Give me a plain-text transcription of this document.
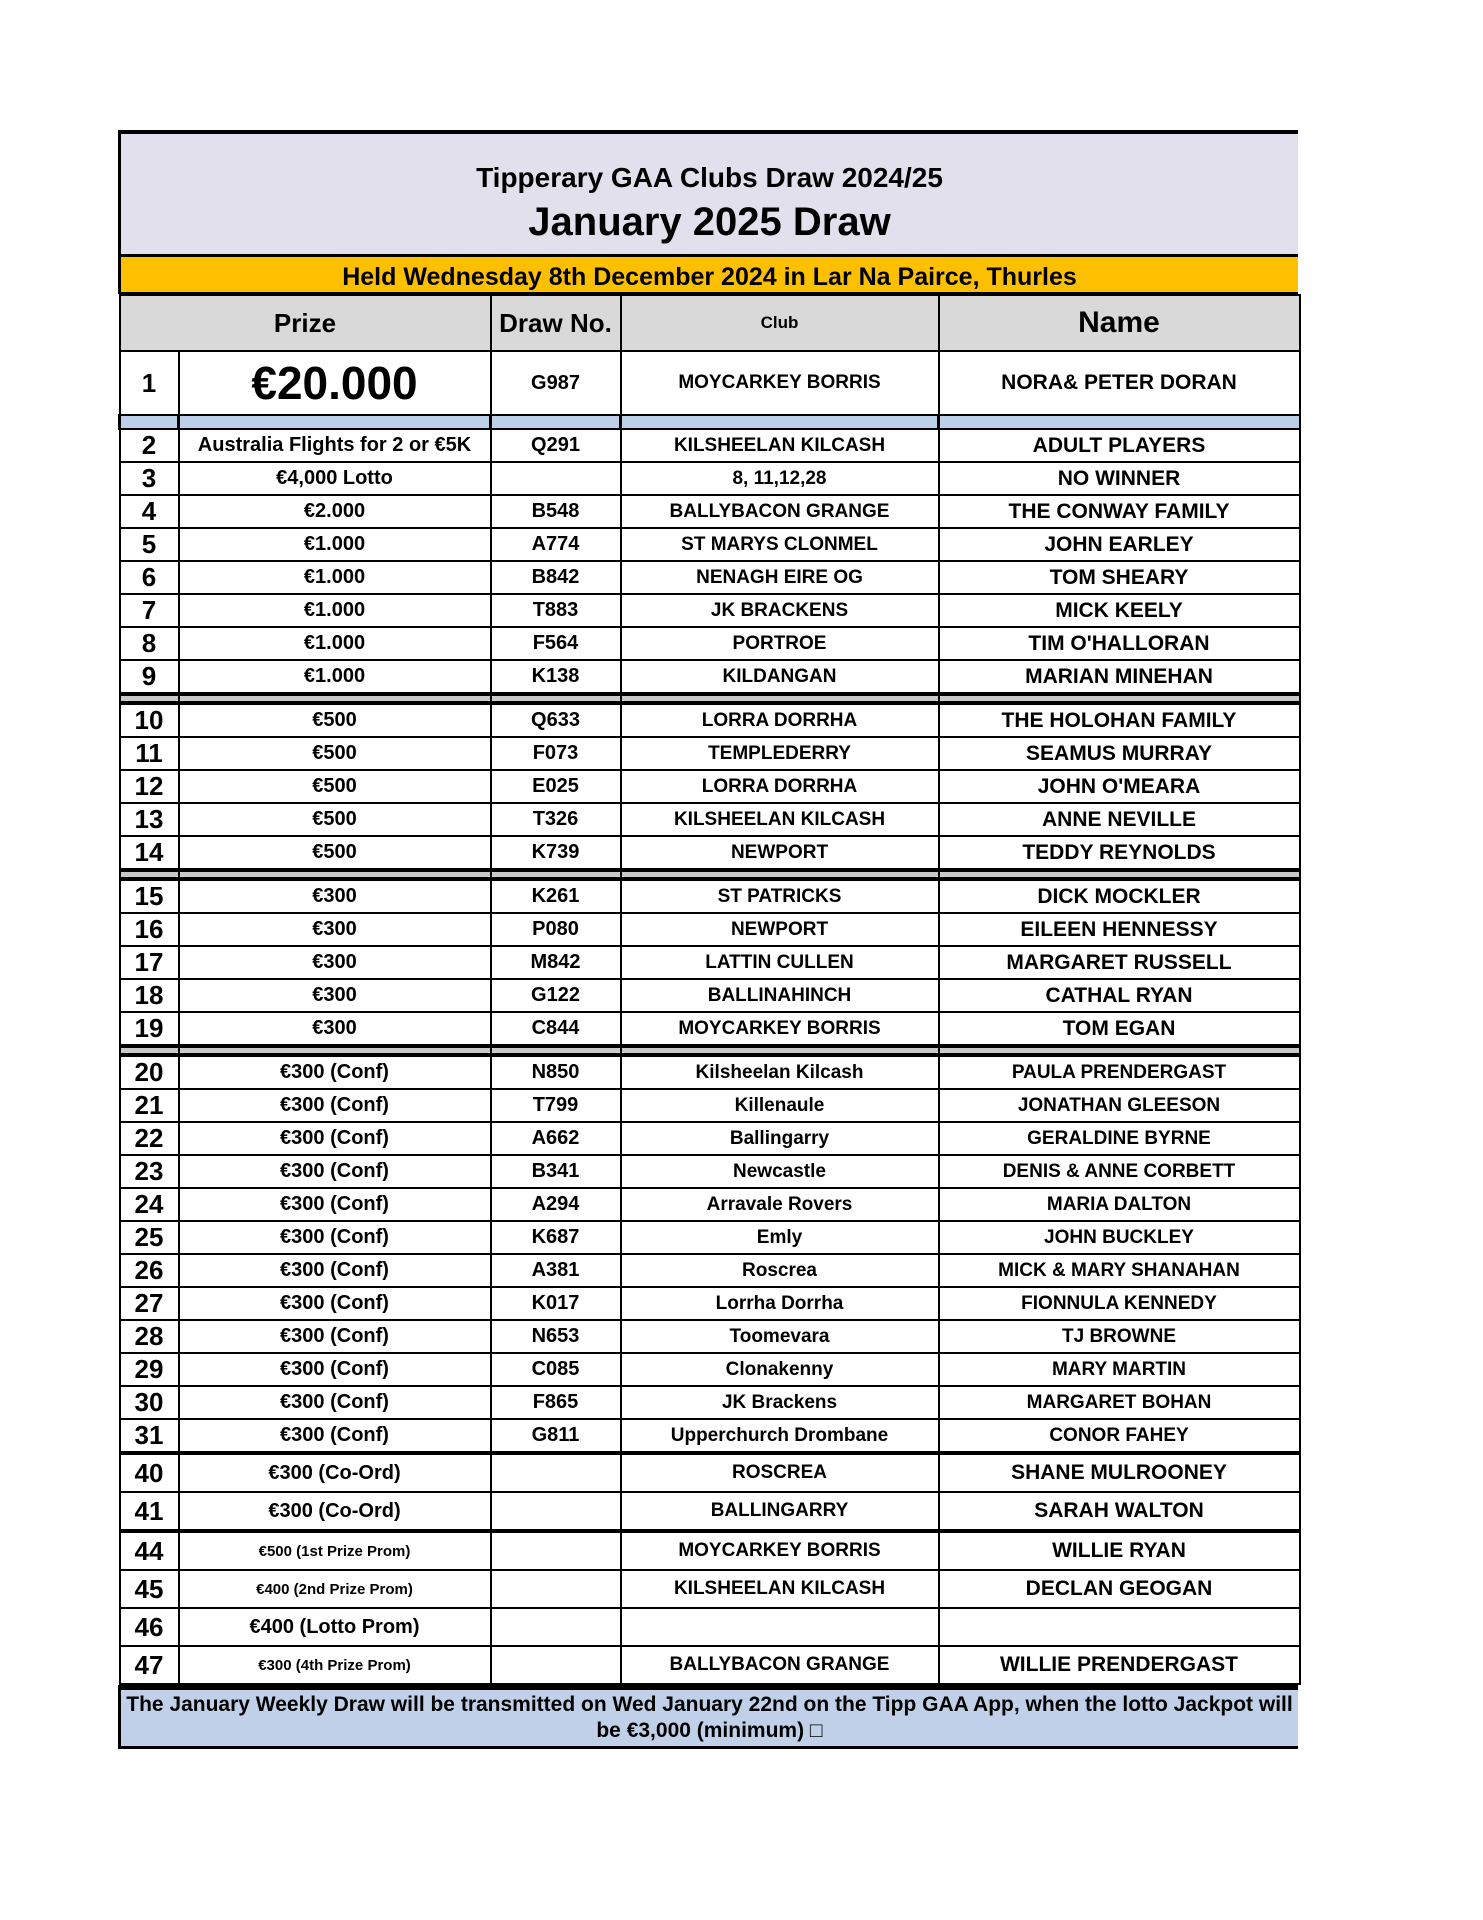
Tipperary GAA Clubs Draw 2024/25
January 2025 Draw
Held Wednesday 8th December 2024 in Lar Na Pairce, Thurles
Prize		Draw No.	Club	Name
1	€20.000	G987	MOYCARKEY BORRIS	NORA& PETER DORAN

2	Australia Flights for 2 or €5K	Q291	KILSHEELAN KILCASH	ADULT PLAYERS
3	€4,000 Lotto		8, 11,12,28	NO WINNER
4	€2.000	B548	BALLYBACON GRANGE	THE CONWAY FAMILY
5	€1.000	A774	ST MARYS CLONMEL	JOHN EARLEY
6	€1.000	B842	NENAGH EIRE OG	TOM SHEARY
7	€1.000	T883	JK BRACKENS	MICK KEELY
8	€1.000	F564	PORTROE	TIM O'HALLORAN
9	€1.000	K138	KILDANGAN	MARIAN MINEHAN

10	€500	Q633	LORRA DORRHA	THE HOLOHAN FAMILY
11	€500	F073	TEMPLEDERRY	SEAMUS MURRAY
12	€500	E025	LORRA DORRHA	JOHN O'MEARA
13	€500	T326	KILSHEELAN KILCASH	ANNE NEVILLE
14	€500	K739	NEWPORT	TEDDY REYNOLDS

15	€300	K261	ST PATRICKS	DICK MOCKLER
16	€300	P080	NEWPORT	EILEEN HENNESSY
17	€300	M842	LATTIN CULLEN	MARGARET RUSSELL
18	€300	G122	BALLINAHINCH	CATHAL RYAN
19	€300	C844	MOYCARKEY BORRIS	TOM EGAN

20	€300 (Conf)	N850	Kilsheelan Kilcash	PAULA PRENDERGAST
21	€300 (Conf)	T799	Killenaule	JONATHAN GLEESON
22	€300 (Conf)	A662	Ballingarry	GERALDINE BYRNE
23	€300 (Conf)	B341	Newcastle	DENIS & ANNE CORBETT
24	€300 (Conf)	A294	Arravale Rovers	MARIA DALTON
25	€300 (Conf)	K687	Emly	JOHN BUCKLEY
26	€300 (Conf)	A381	Roscrea	MICK & MARY SHANAHAN
27	€300 (Conf)	K017	Lorrha Dorrha	FIONNULA KENNEDY
28	€300 (Conf)	N653	Toomevara	TJ BROWNE
29	€300 (Conf)	C085	Clonakenny	MARY MARTIN
30	€300 (Conf)	F865	JK Brackens	MARGARET BOHAN
31	€300 (Conf)	G811	Upperchurch Drombane	CONOR FAHEY
40	€300 (Co-Ord)		ROSCREA	SHANE MULROONEY
41	€300 (Co-Ord)		BALLINGARRY	SARAH WALTON
44	€500 (1st Prize Prom)		MOYCARKEY BORRIS	WILLIE RYAN
45	€400 (2nd Prize Prom)		KILSHEELAN KILCASH	DECLAN GEOGAN
46	€400 (Lotto Prom)			
47	€300 (4th Prize Prom)		BALLYBACON GRANGE	WILLIE PRENDERGAST
The January Weekly Draw will be transmitted on Wed January 22nd on the Tipp GAA App, when the lotto Jackpot will be €3,000 (minimum) □
